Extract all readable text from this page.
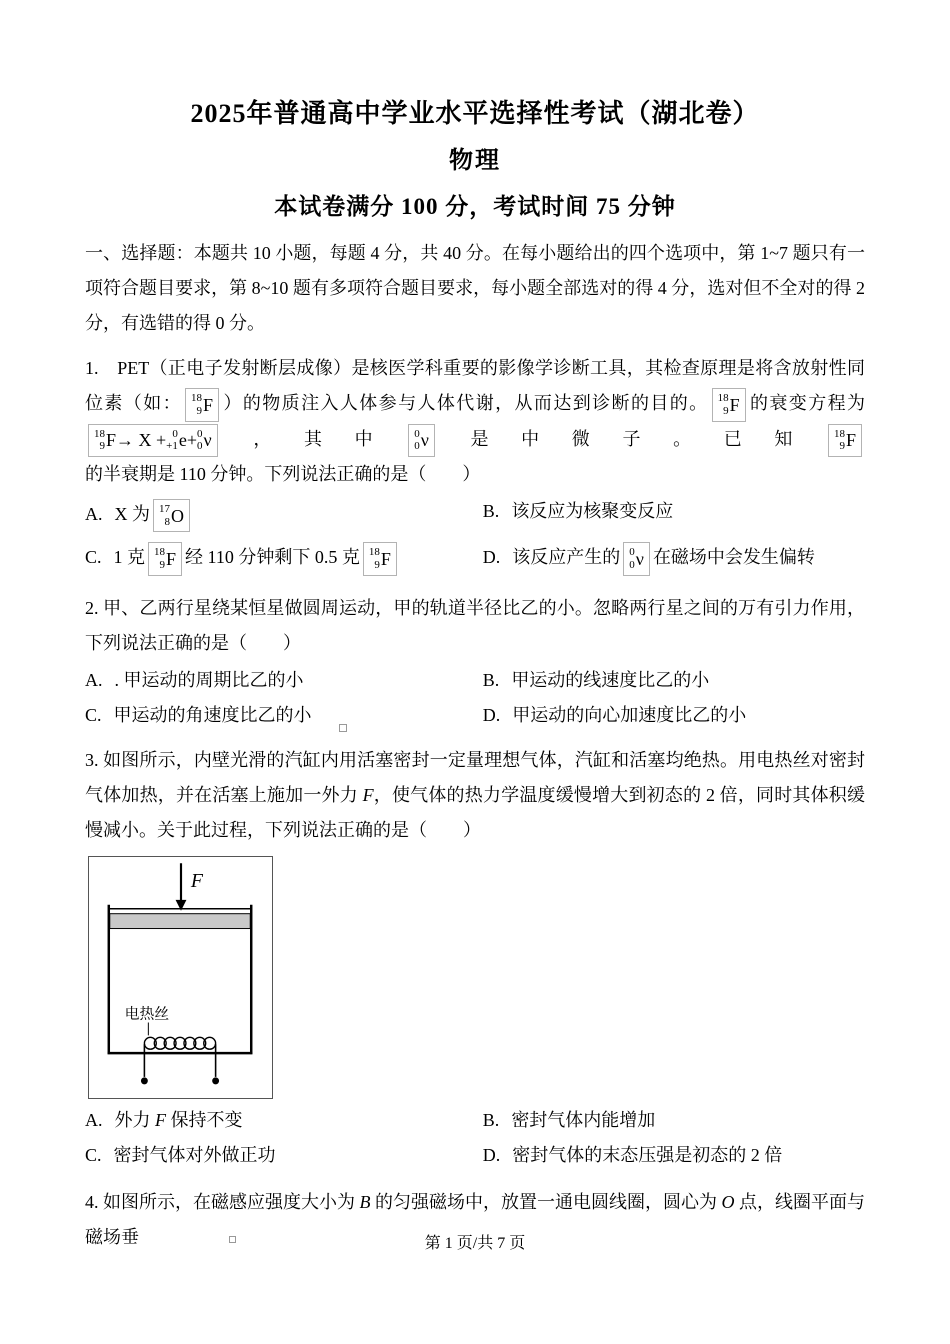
2025年普通高中学业水平选择性考试（湖北卷）
物理
本试卷满分 100 分，考试时间 75 分钟
一、选择题：本题共 10 小题，每题 4 分，共 40 分。在每小题给出的四个选项中，第 1~7 题只有一项符合题目要求，第 8~10 题有多项符合题目要求，每小题全部选对的得 4 分，选对但不全对的得 2 分，有选错的得 0 分。
1.　PET（正电子发射断层成像）是核医学科重要的影像学诊断工具，其检查原理是将含放射性同位素（如： 18
9 F ）的物质注入人体参与人体代谢，从而达到诊断的目的。 18
9 F 的衰变方程为
18
9 F → X + 0
+1 e + 0
0 ν ，其中 0
0 ν 是中微子。已知 18
9 F
的半衰期是 110 分钟。下列说法正确的是（　　）
A. X 为 17
8 O	B. 该反应为核聚变反应
C. 1 克 18
9 F 经 110 分钟剩下 0.5 克 18
9 F	D. 该反应产生的 0
0 ν 在磁场中会发生偏转
2. 甲、乙两行星绕某恒星做圆周运动，甲的轨道半径比乙的小。忽略两行星之间的万有引力作用，下列说法正确的是（　　）
A. . 甲运动的周期比乙的小	B. 甲运动的线速度比乙的小
C. 甲运动的角速度比乙的小	D. 甲运动的向心加速度比乙的小
3. 如图所示，内壁光滑的汽缸内用活塞密封一定量理想气体，汽缸和活塞均绝热。用电热丝对密封气体加热，并在活塞上施加一外力 F，使气体的热力学温度缓慢增大到初态的 2 倍，同时其体积缓慢减小。关于此过程，下列说法正确的是（　　）
F
电热丝
A. 外力 F 保持不变	B. 密封气体内能增加
C. 密封气体对外做正功	D. 密封气体的末态压强是初态的 2 倍
4. 如图所示，在磁感应强度大小为 B 的匀强磁场中，放置一通电圆线圈，圆心为 O 点，线圈平面与磁场垂	第 1 页/共 7 页
